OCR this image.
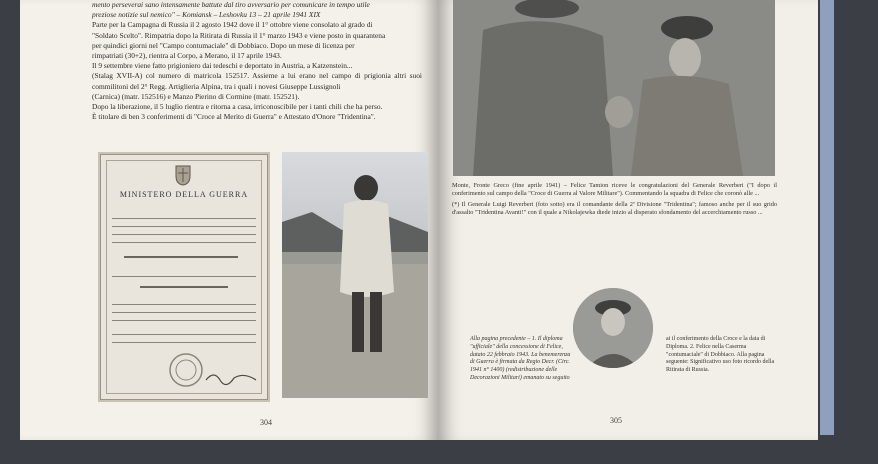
mento perseverai sano intensamente battute dal tiro avversario per comunicare in tempo utile

preziose notizie sul nemico" – Komiansk – Leshovku 13 – 21 aprile 1941 XIX

Parte per la Campagna di Russia il 2 agosto 1942 dove il 1° ottobre viene consolato al grado di

"Soldato Scelto". Rimpatria dopo la Ritirata di Russia il 1° marzo 1943 e viene posto in quarantena

per quindici giorni nel "Campo contumaciale" di Dobbiaco. Dopo un mese di licenza per

rimpatriati (30+2), rientra al Corpo, a Merano, il 17 aprile 1943.

Il 9 settembre viene fatto prigioniero dai tedeschi e deportato in Austria, a Katzenstein...

(Stalag XVII-A) col numero di matricola 152517. Assieme a lui erano nel campo di prigionia altri suoi commilitoni del 2° Regg. Artiglieria Alpina, tra i quali i novesi Giuseppe Lussignoli

(Carnica) (matr. 152516) e Manzo Pierino di Cormine (matr. 152521).

Dopo la liberazione, il 5 luglio rientra e ritorna a casa, irriconoscibile per i tanti chili che ha perso.

È titolare di ben 3 conferimenti di "Croce al Merito di Guerra" e Attestato d'Onore "Tridentina".

MINISTERO DELLA GUERRA

Monte, Fronte Greco (fine aprile 1941) – Felice Tamion riceve le congratulazioni del Generale Reverberi ("I dopo il conferimento sul campo della "Croce di Guerra al Valore Militare"). Commentando la squadra di Felice che coronò alle ...

(*) Il Generale Luigi Reverberi (foto sotto) era il comandante della 2ª Divisione "Tridentina"; famoso anche per il suo grido d'assalto "Tridentina Avanti!" con il quale a Nikolajewka diede inizio al disperato sfondamento del accerchiamento russo ...

Alla pagina precedente – 1. Il diploma "ufficiale" della concessione di Felice, datato 22 febbraio 1943. La benemerenza di Guerra è firmata da Regio Decr. (Circ. 1941 n° 1400) (redistribuzione delle Decorazioni Militari) emanato su seguito
ai il conferimento della Croce e la data di Diploma. 2. Felice nella Caserma "contumaciale" di Dobbiaco. Alla pagina seguente: Significativo uso foto ricordo della Ritirata di Russia.
304	305
